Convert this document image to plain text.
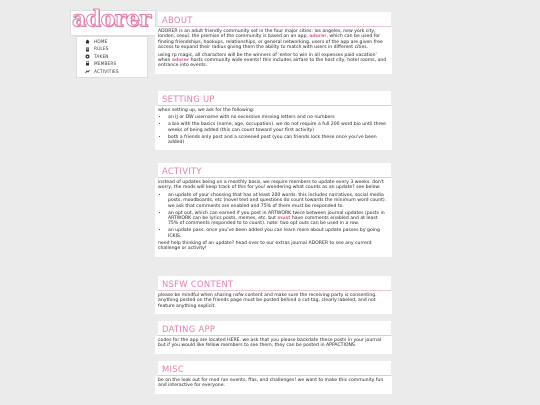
adorer
HOME
RULES
TAKEN
MEMBERS
ACTIVITIES
ABOUT

ADORER is an adult friendly community set in the four major cities: los angeles, new york city, london, seoul. the premise of the community is based on an app, adorer, which can be used for finding friendships, hookups, relationships, or general networking. users of the app are given free access to expand their radius giving them the ability to match with users in different cities.

using rp magic, all characters will be the winners of 'enter to win in all expenses paid vacation' when adorer hosts community wide events! this includes airfare to the host city, hotel rooms, and entrance into events.

SETTING UP

when setting up, we ask for the following:

• an IJ or DW username with no excessive missing letters and no numbers
• a bio with the basics (name, age, occupation). we do not require a full 200 word bio until three weeks of being added (this can count toward your first activity)
• both a friends only post and a screened post (you can friends lock these once you've been added)
ACTIVITY

instead of updates being on a monthly basis, we require members to update every 3 weeks. don't worry, the mods will keep track of this for you! wondering what counts as an update? see below:

• an update of your choosing that has at least 200 words. this includes narratives, social media posts, moodboards, etc (novel text and questions do count towards the minimum word count). we ask that comments are enabled and 75% of them must be responded to.
• an opt out, which can earned if you post in ARTWORK twice between journal updates (posts in ARTWORK can be lyrics posts, memes, etc. but must have comments enabled and at least 75% of comments responded to to count). note: two opt outs can be used in a row.
• an update pass. once you've been added you can learn more about update passes by going ICKIS.

need help thinking of an update? head over to our extras journal ADORER to see any current challenge or activity!

NSFW CONTENT

please be mindful when sharing nsfw content and make sure the receiving party is consenting. anything posted on the friends page must be posted behind a cut-tag, clearly labeled, and not feature anything explicit.

DATING APP

codes for the app are located HERE. we ask that you please backdate these posts in your journal but if you would like fellow members to see them, they can be posted in APPACTIONS.

MISC

be on the look out for mod ran events, ffas, and challenges! we want to make this community fun and interactive for everyone.
